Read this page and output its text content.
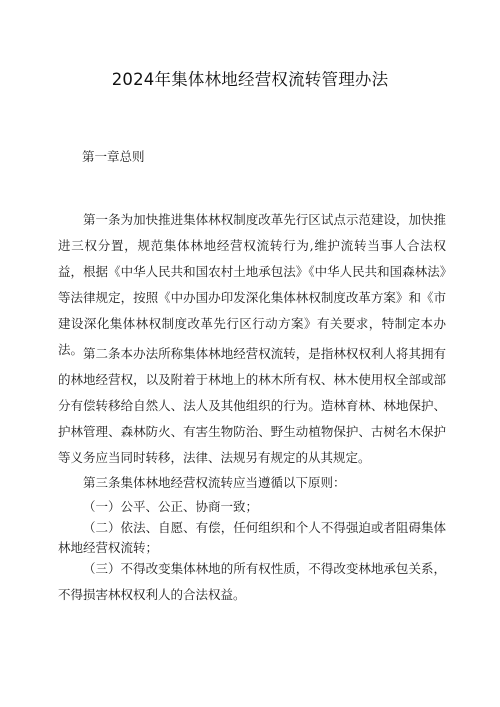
2024年集体林地经营权流转管理办法
第一章总则

第一条为加快推进集体林权制度改革先行区试点示范建设，加快推进三权分置，规范集体林地经营权流转行为,维护流转当事人合法权益，根据《中华人民共和国农村土地承包法》《中华人民共和国森林法》等法律规定，按照《中办国办印发深化集体林权制度改革方案》和《市建设深化集体林权制度改革先行区行动方案》有关要求，特制定本办法。 第二条本办法所称集体林地经营权流转，是指林权权利人将其拥有的林地经营权，以及附着于林地上的林木所有权、林木使用权全部或部分有偿转移给自然人、法人及其他组织的行为。造林育林、林地保护、护林管理、森林防火、有害生物防治、野生动植物保护、古树名木保护等义务应当同时转移，法律、法规另有规定的从其规定。

第三条集体林地经营权流转应当遵循以下原则：

（一）公平、公正、协商一致；

（二）依法、自愿、有偿，任何组织和个人不得强迫或者阻碍集体林地经营权流转；

（三）不得改变集体林地的所有权性质，不得改变林地承包关系，不得损害林权权利人的合法权益。
